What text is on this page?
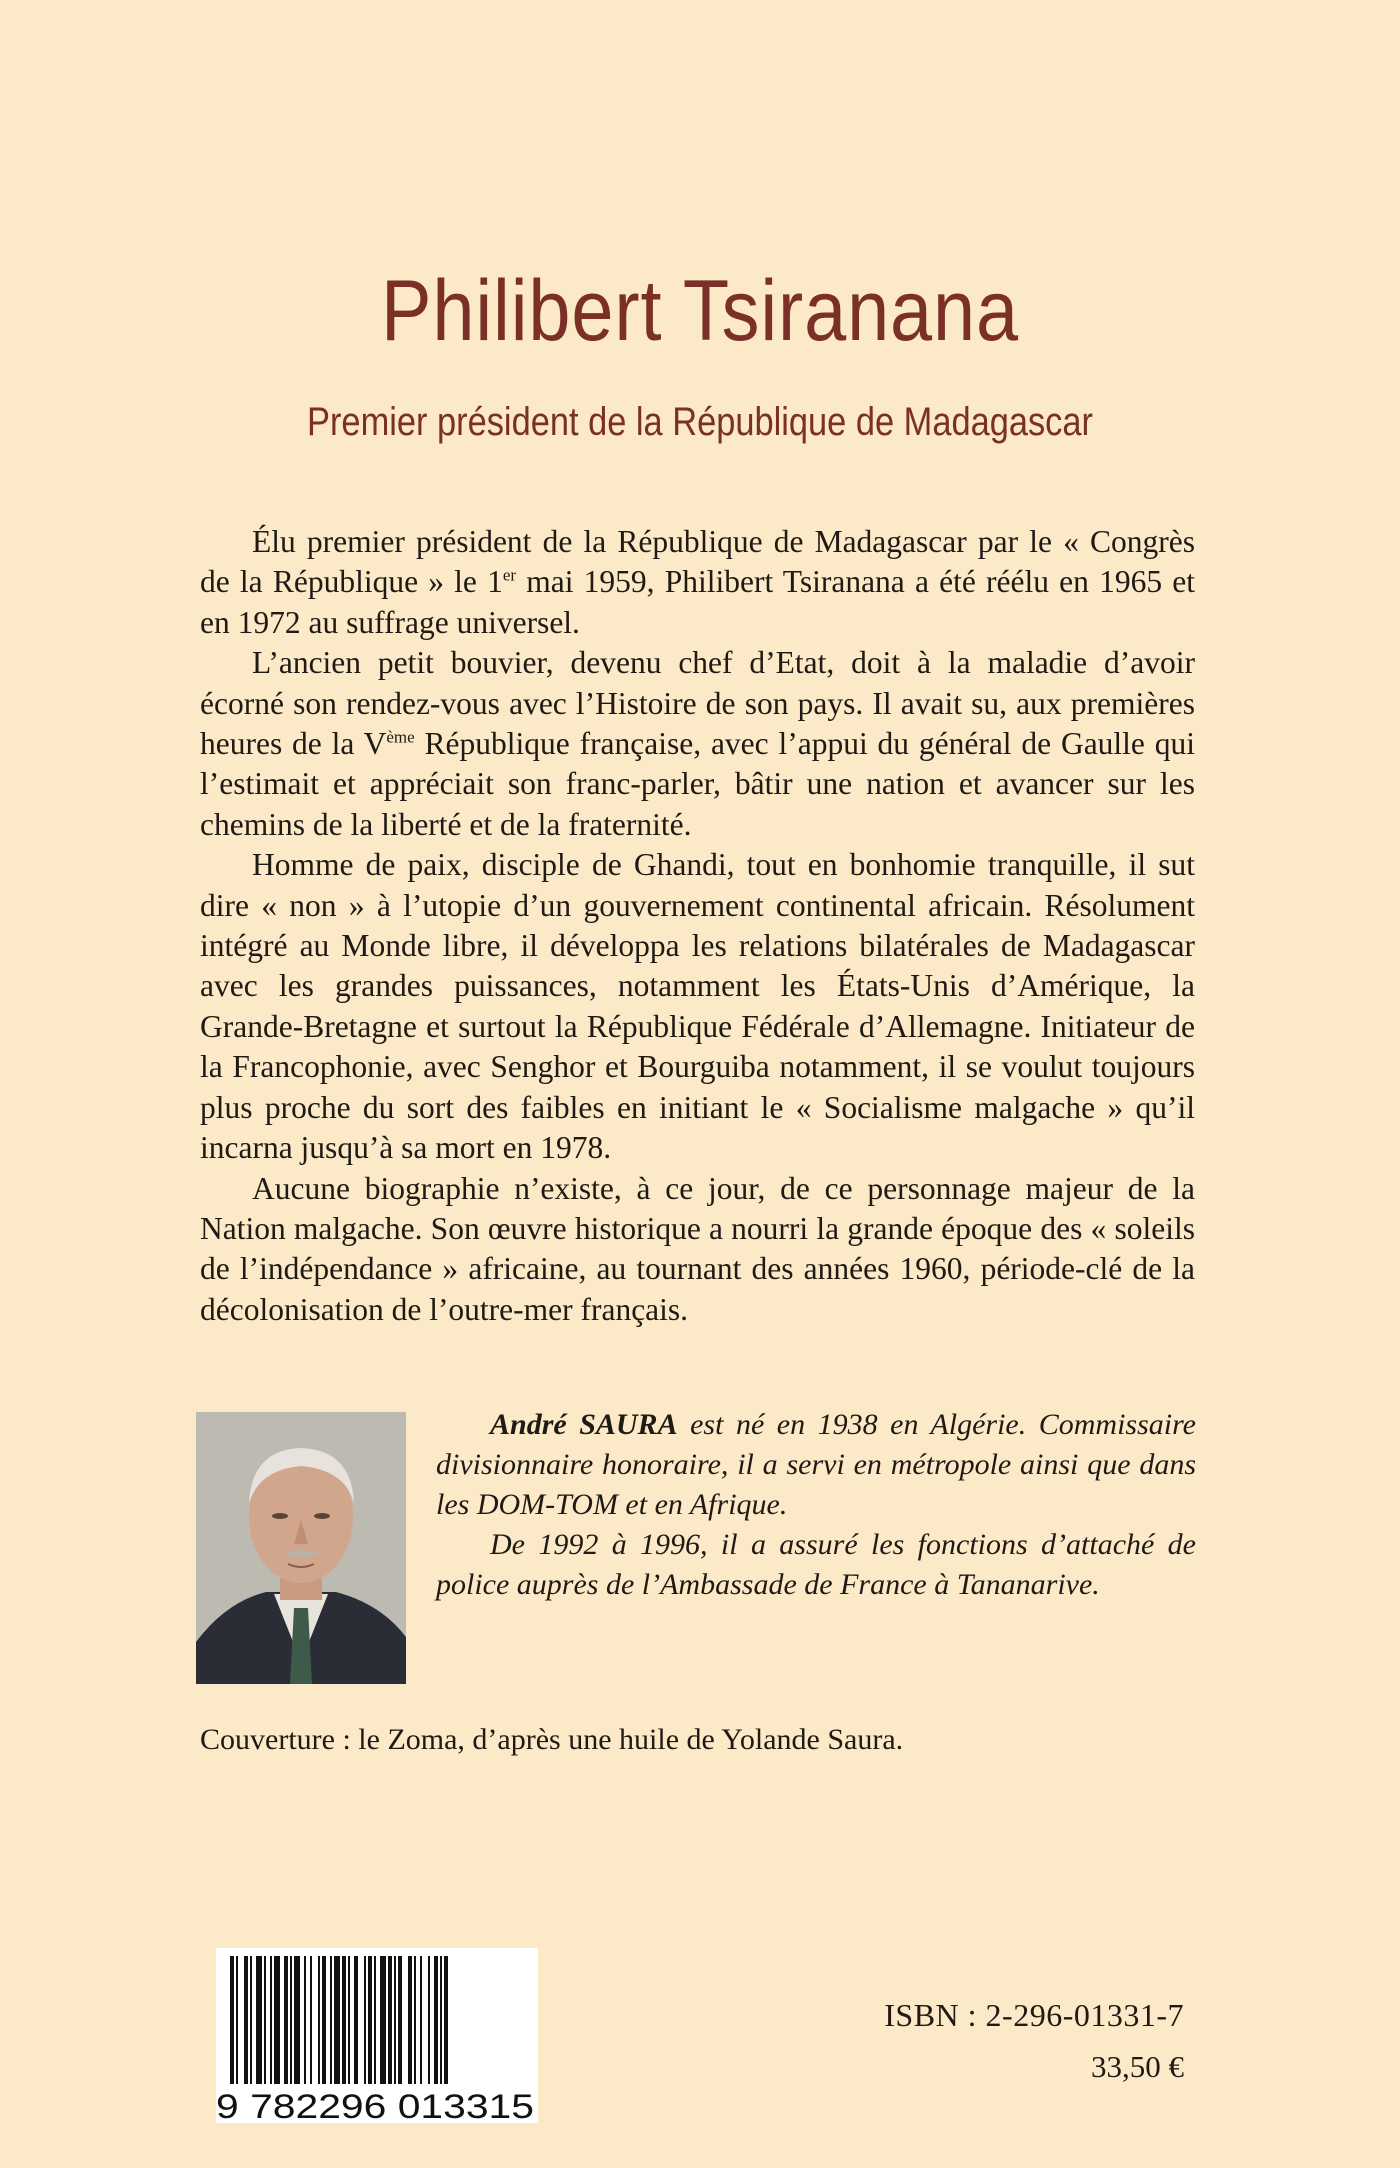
Philibert Tsiranana
Premier président de la République de Madagascar

Élu premier président de la République de Madagascar par le « Congrès de la République » le 1er mai 1959, Philibert Tsiranana a été réélu en 1965 et en 1972 au suffrage universel.

L’ancien petit bouvier, devenu chef d’Etat, doit à la maladie d’avoir écorné son rendez-vous avec l’Histoire de son pays. Il avait su, aux premières heures de la Vème République française, avec l’appui du général de Gaulle qui l’estimait et appréciait son franc-parler, bâtir une nation et avancer sur les chemins de la liberté et de la fraternité.

Homme de paix, disciple de Ghandi, tout en bonhomie tranquille, il sut dire « non » à l’utopie d’un gouvernement continental africain. Résolument intégré au Monde libre, il développa les relations bilatérales de Madagascar avec les grandes puissances, notamment les États-Unis d’Amérique, la Grande-Bretagne et surtout la République Fédérale d’Allemagne. Initiateur de la Francophonie, avec Senghor et Bourguiba notamment, il se voulut toujours plus proche du sort des faibles en initiant le « Socialisme malgache » qu’il incarna jusqu’à sa mort en 1978.

Aucune biographie n’existe, à ce jour, de ce personnage majeur de la Nation malgache. Son œuvre historique a nourri la grande époque des « soleils de l’indépendance » africaine, au tournant des années 1960, période-clé de la décolonisation de l’outre-mer français.

André SAURA est né en 1938 en Algérie. Commissaire divisionnaire honoraire, il a servi en métropole ainsi que dans les DOM-TOM et en Afrique.

De 1992 à 1996, il a assuré les fonctions d’attaché de police auprès de l’Ambassade de France à Tananarive.

Couverture : le Zoma, d’après une huile de Yolande Saura.
9 782296 013315
ISBN : 2-296-01331-7
33,50 €
